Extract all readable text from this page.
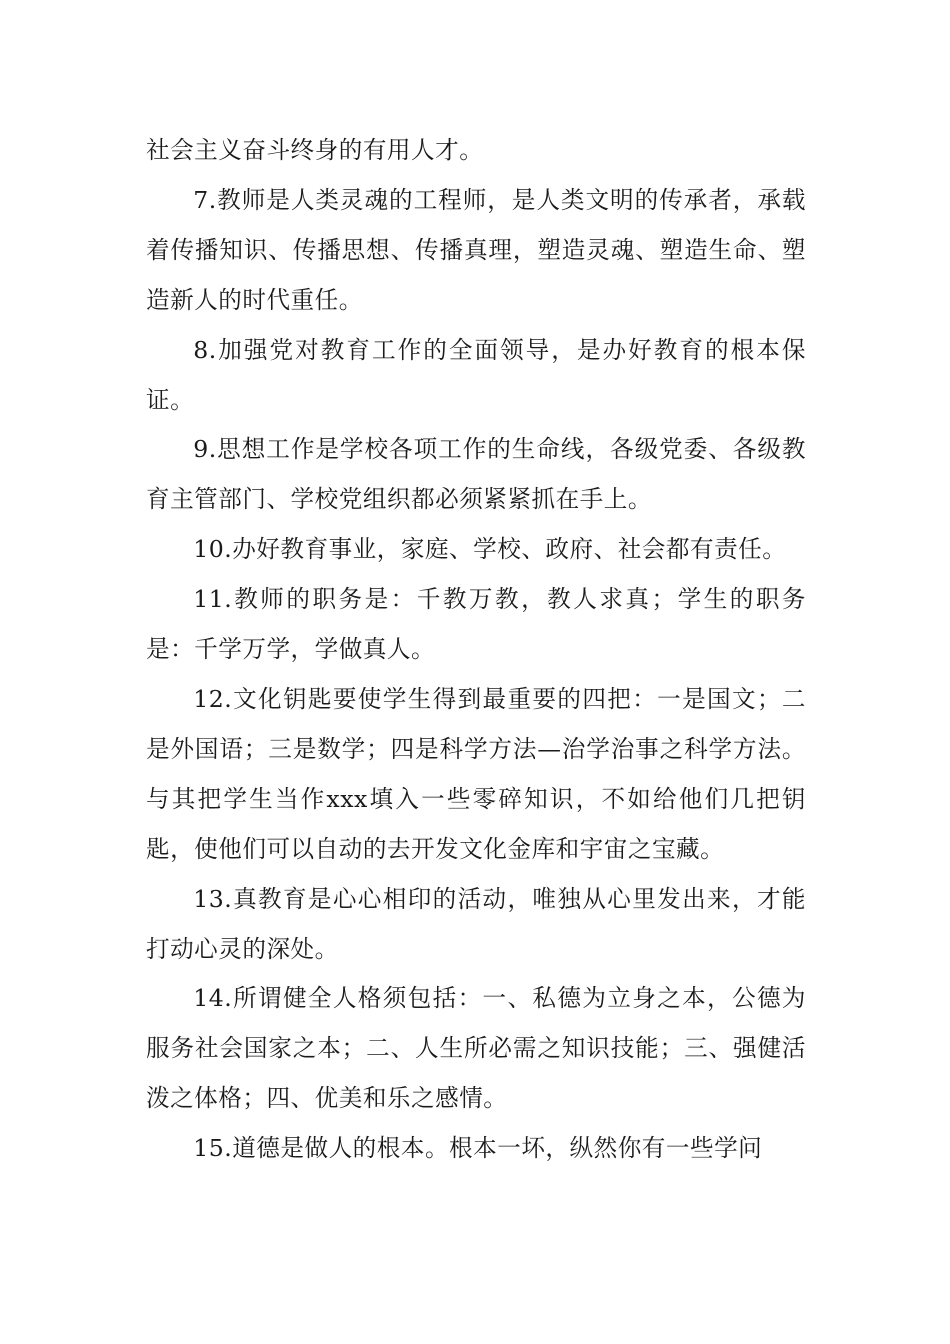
社会主义奋斗终身的有用人才。

7.教师是人类灵魂的工程师，是人类文明的传承者，承载着传播知识、传播思想、传播真理，塑造灵魂、塑造生命、塑造新人的时代重任。

8.加强党对教育工作的全面领导，是办好教育的根本保证。

9.思想工作是学校各项工作的生命线，各级党委、各级教育主管部门、学校党组织都必须紧紧抓在手上。

10.办好教育事业，家庭、学校、政府、社会都有责任。

11.教师的职务是：千教万教，教人求真；学生的职务是：千学万学，学做真人。

12.文化钥匙要使学生得到最重要的四把：一是国文；二是外国语；三是数学；四是科学方法—治学治事之科学方法。与其把学生当作xxx填入一些零碎知识，不如给他们几把钥匙，使他们可以自动的去开发文化金库和宇宙之宝藏。

13.真教育是心心相印的活动，唯独从心里发出来，才能打动心灵的深处。

14.所谓健全人格须包括：一、私德为立身之本，公德为服务社会国家之本；二、人生所必需之知识技能；三、强健活泼之体格；四、优美和乐之感情。

15.道德是做人的根本。根本一坏，纵然你有一些学问
